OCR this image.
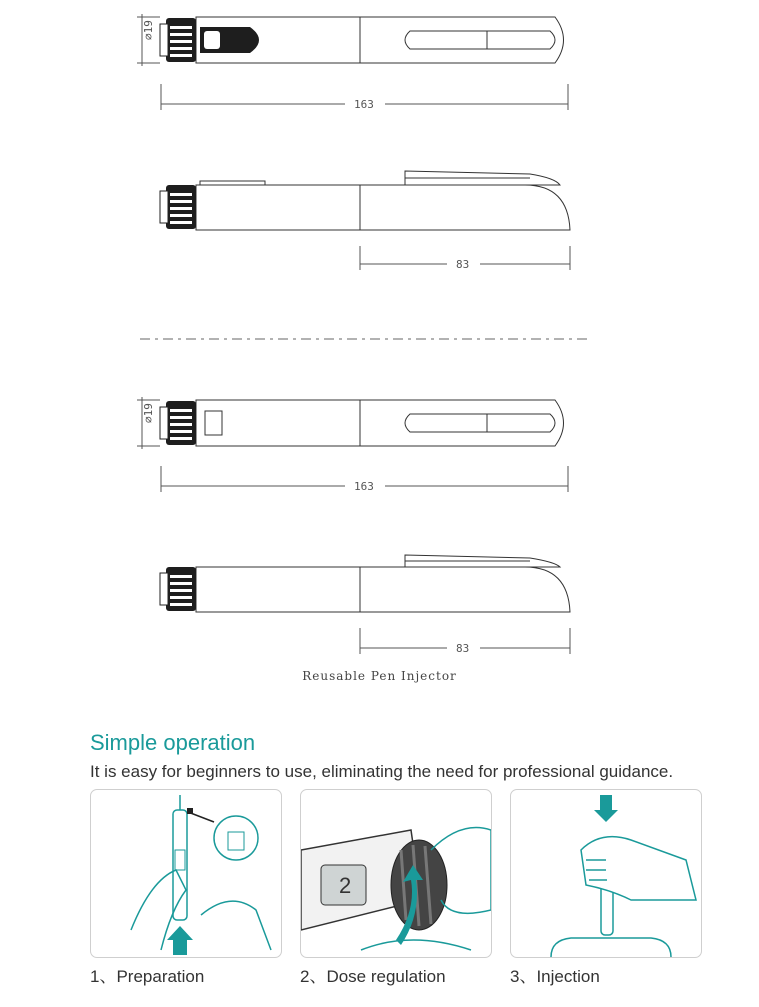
⌀19
163
83
⌀19
163
83
Reusable Pen Injector
Simple operation
It is easy for beginners to use, eliminating the need for professional guidance.
1、Preparation
2
2、Dose regulation	3、Injection
